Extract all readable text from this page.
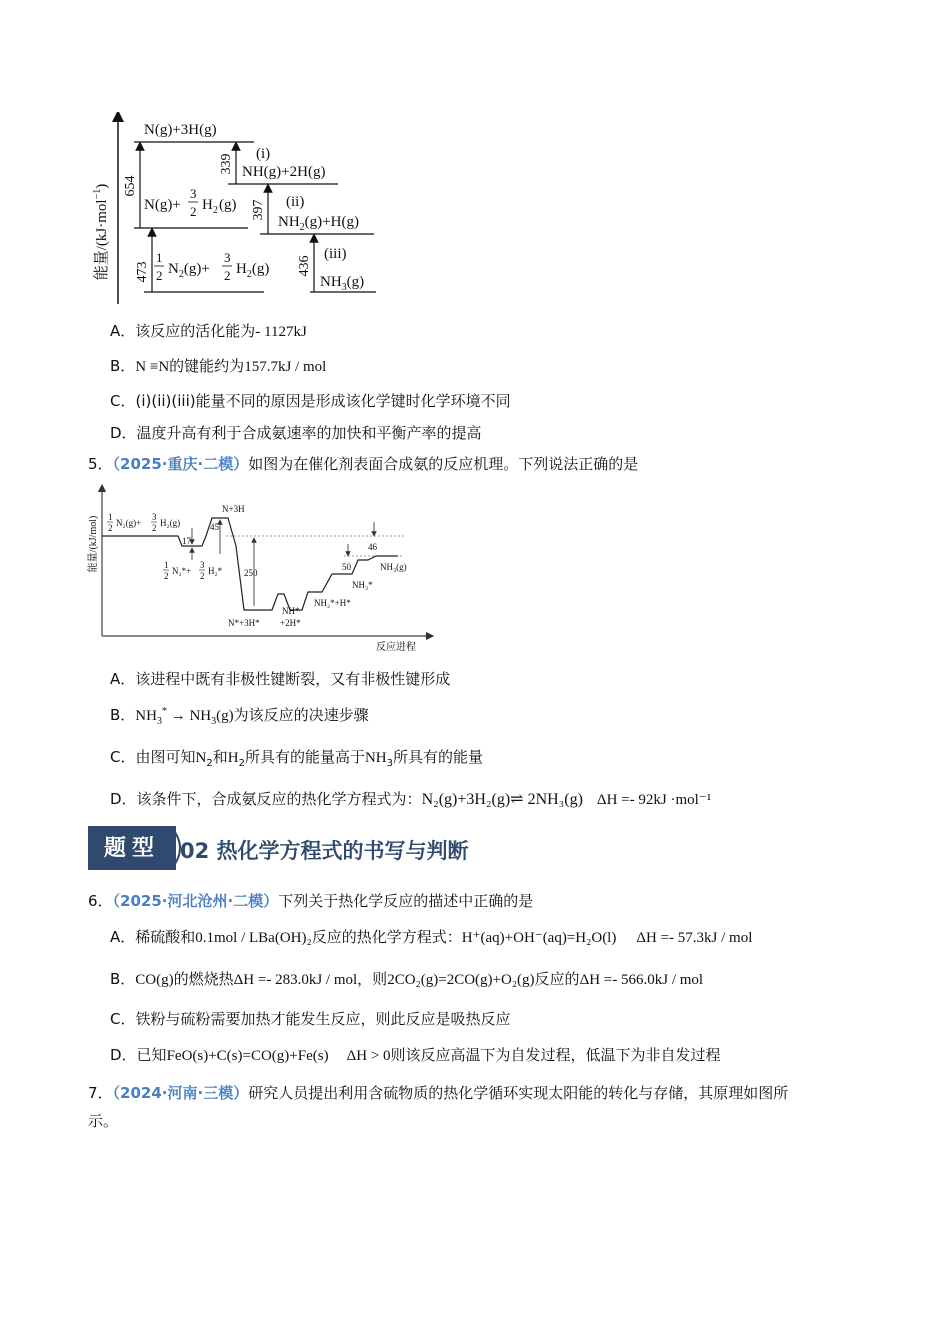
能量/(kJ·mol$^{-1}$)
N(g)+3H(g)
NH(g)+2H(g)
N(g)+
3
2 H 2 (g)
$NH_2(g)+H(g)$
1
2 $N_2(g)+$
3
2 $H_2(g)$
$NH_3(g)$
473
654
339 (i)
397 (ii)
436
(iii)
A．该反应的活化能为- 1127kJ
B．N ≡N的键能约为157.7kJ / mol
C．(i)(ii)(iii)能量不同的原因是形成该化学键时化学环境不同
D．温度升高有利于合成氨速率的加快和平衡产率的提高
5．（2025·重庆·二模）如图为在催化剂表面合成氨的反应机理。下列说法正确的是
能量/(kJ/mol)
反应进程
1
2 N₂(g)+
3
2 H₂(g)
1
2 N₂*+
3
2 H₂*
N+3H
17
45
250
N*+3H*
NH*
+2H*
NH₂*+H*
50
NH₃*
46
NH₃(g)
A．该进程中既有非极性键断裂，又有非极性键形成
B．$NH_3^* \to NH_3(g)$为该反应的决速步骤
C．由图可知$N_2$和$H_2$所具有的能量高于$NH_3$所具有的能量
D．该条件下，合成氨反应的热化学方程式为：N₂(g)+3H₂(g)⇌ 2NH₃(g) ΔH =- 92kJ ·mol⁻¹
题型 02 热化学方程式的书写与判断
6．（2025·河北沧州·二模）下列关于热化学反应的描述中正确的是
A．稀硫酸和0.1mol / LBa(OH)₂反应的热化学方程式：H⁺(aq)+OH⁻(aq)=H₂O(l) ΔH =- 57.3kJ / mol
B．CO(g)的燃烧热ΔH =- 283.0kJ / mol，则2CO₂(g)=2CO(g)+O₂(g)反应的ΔH =- 566.0kJ / mol
C．铁粉与硫粉需要加热才能发生反应，则此反应是吸热反应
D．已知FeO(s)+C(s)=CO(g)+Fe(s) ΔH > 0则该反应高温下为自发过程，低温下为非自发过程
7．（2024·河南·三模）研究人员提出利用含硫物质的热化学循环实现太阳能的转化与存储，其原理如图所
示。
